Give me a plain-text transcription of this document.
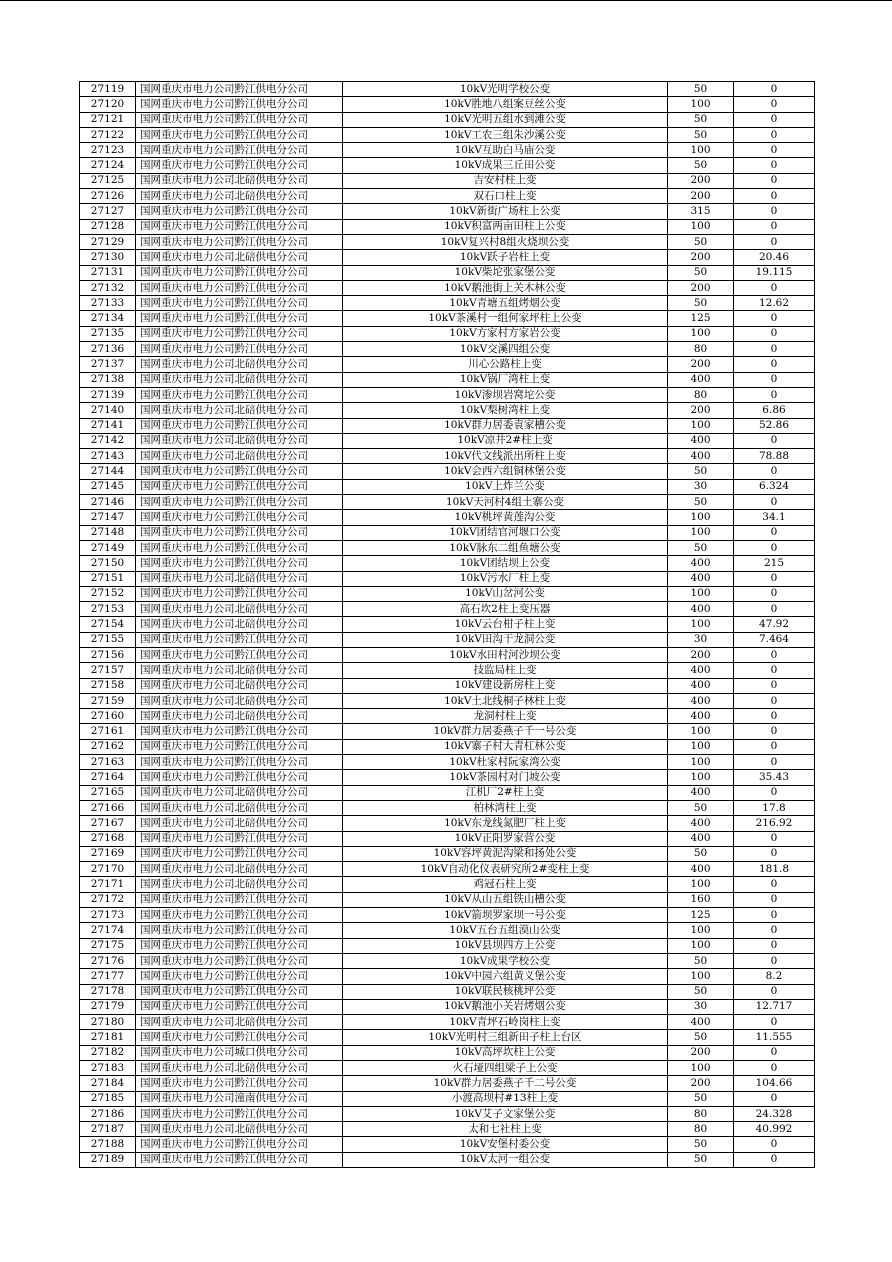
27119	国网重庆市电力公司黔江供电分公司	10kV光明学校公变	50	0
27120	国网重庆市电力公司黔江供电分公司	10kV胜地八组案豆丝公变	100	0
27121	国网重庆市电力公司黔江供电分公司	10kV光明五组水到滩公变	50	0
27122	国网重庆市电力公司黔江供电分公司	10kV工农三组朱沙溪公变	50	0
27123	国网重庆市电力公司黔江供电分公司	10kV互助白马庙公变	100	0
27124	国网重庆市电力公司黔江供电分公司	10kV成果三丘田公变	50	0
27125	国网重庆市电力公司北碚供电分公司	吉安村柱上变	200	0
27126	国网重庆市电力公司北碚供电分公司	双石口柱上变	200	0
27127	国网重庆市电力公司黔江供电分公司	10kV新街广场柱上公变	315	0
27128	国网重庆市电力公司黔江供电分公司	10kV积富两亩田柱上公变	100	0
27129	国网重庆市电力公司黔江供电分公司	10kV复兴村8组火烧坝公变	50	0
27130	国网重庆市电力公司北碚供电分公司	10kV跃子岩柱上变	200	20.46
27131	国网重庆市电力公司黔江供电分公司	10kV柴坨张家堡公变	50	19.115
27132	国网重庆市电力公司黔江供电分公司	10kV鹅池街上关木林公变	200	0
27133	国网重庆市电力公司黔江供电分公司	10kV青塘五组烤烟公变	50	12.62
27134	国网重庆市电力公司黔江供电分公司	10kV茶溪村一组何家坪柱上公变	125	0
27135	国网重庆市电力公司黔江供电分公司	10kV方家村方家岩公变	100	0
27136	国网重庆市电力公司黔江供电分公司	10kV交溪四组公变	80	0
27137	国网重庆市电力公司北碚供电分公司	川心公路柱上变	200	0
27138	国网重庆市电力公司北碚供电分公司	10kV锅厂湾柱上变	400	0
27139	国网重庆市电力公司黔江供电分公司	10kV渗坝岩窝坨公变	80	0
27140	国网重庆市电力公司北碚供电分公司	10kV梨树湾柱上变	200	6.86
27141	国网重庆市电力公司黔江供电分公司	10kV群力居委袁家槽公变	100	52.86
27142	国网重庆市电力公司北碚供电分公司	10kV凉井2#柱上变	400	0
27143	国网重庆市电力公司北碚供电分公司	10kV代文线派出所柱上变	400	78.88
27144	国网重庆市电力公司黔江供电分公司	10kV会西六组铜林堡公变	50	0
27145	国网重庆市电力公司黔江供电分公司	10kV上炸兰公变	30	6.324
27146	国网重庆市电力公司黔江供电分公司	10kV天河村4组土寨公变	50	0
27147	国网重庆市电力公司黔江供电分公司	10kV桃坪黄莲沟公变	100	34.1
27148	国网重庆市电力公司黔江供电分公司	10kV团结官河堰口公变	100	0
27149	国网重庆市电力公司黔江供电分公司	10kV脉东二组鱼塘公变	50	0
27150	国网重庆市电力公司黔江供电分公司	10kV团结坝上公变	400	215
27151	国网重庆市电力公司北碚供电分公司	10kV污水厂柱上变	400	0
27152	国网重庆市电力公司黔江供电分公司	10kV山岔河公变	100	0
27153	国网重庆市电力公司北碚供电分公司	高石坎2柱上变压器	400	0
27154	国网重庆市电力公司北碚供电分公司	10kV云台柑子柱上变	100	47.92
27155	国网重庆市电力公司黔江供电分公司	10kV田沟干龙洞公变	30	7.464
27156	国网重庆市电力公司黔江供电分公司	10kV水田村河沙坝公变	200	0
27157	国网重庆市电力公司北碚供电分公司	技监局柱上变	400	0
27158	国网重庆市电力公司北碚供电分公司	10kV建设新房柱上变	400	0
27159	国网重庆市电力公司北碚供电分公司	10kV土北线桐子林柱上变	400	0
27160	国网重庆市电力公司北碚供电分公司	龙洞村柱上变	400	0
27161	国网重庆市电力公司黔江供电分公司	10kV群力居委燕子千一号公变	100	0
27162	国网重庆市电力公司黔江供电分公司	10kV寨子村大青杠林公变	100	0
27163	国网重庆市电力公司黔江供电分公司	10kV杜家村阮家湾公变	100	0
27164	国网重庆市电力公司黔江供电分公司	10kV茶园村对门坡公变	100	35.43
27165	国网重庆市电力公司北碚供电分公司	江机厂2#柱上变	400	0
27166	国网重庆市电力公司北碚供电分公司	柏林湾柱上变	50	17.8
27167	国网重庆市电力公司北碚供电分公司	10kV东龙线氮肥厂柱上变	400	216.92
27168	国网重庆市电力公司黔江供电分公司	10kV正阳罗家营公变	400	0
27169	国网重庆市电力公司黔江供电分公司	10kV容坪黄泥沟梁和扬处公变	50	0
27170	国网重庆市电力公司北碚供电分公司	10kV自动化仪表研究所2#变柱上变	400	181.8
27171	国网重庆市电力公司北碚供电分公司	鸡冠石柱上变	100	0
27172	国网重庆市电力公司黔江供电分公司	10kV从山五组铁山槽公变	160	0
27173	国网重庆市电力公司黔江供电分公司	10kV箭坝罗家坝一号公变	125	0
27174	国网重庆市电力公司黔江供电分公司	10kV五台五组漠山公变	100	0
27175	国网重庆市电力公司黔江供电分公司	10kV县坝四方上公变	100	0
27176	国网重庆市电力公司黔江供电分公司	10kV成果学校公变	50	0
27177	国网重庆市电力公司黔江供电分公司	10kV中园六组黄义堡公变	100	8.2
27178	国网重庆市电力公司黔江供电分公司	10kV联民核桃坪公变	50	0
27179	国网重庆市电力公司黔江供电分公司	10kV鹅池小关岩烤烟公变	30	12.717
27180	国网重庆市电力公司北碚供电分公司	10kV青坪石岭岗柱上变	400	0
27181	国网重庆市电力公司黔江供电分公司	10kV光明村三组新田子柱上台区	50	11.555
27182	国网重庆市电力公司城口供电分公司	10kV高坪坎柱上公变	200	0
27183	国网重庆市电力公司北碚供电分公司	火石垭四组梁子上公变	100	0
27184	国网重庆市电力公司黔江供电分公司	10kV群力居委燕子千二号公变	200	104.66
27185	国网重庆市电力公司潼南供电分公司	小渡高坝村#13柱上变	50	0
27186	国网重庆市电力公司黔江供电分公司	10kV艾子文家堡公变	80	24.328
27187	国网重庆市电力公司北碚供电分公司	太和七社柱上变	80	40.992
27188	国网重庆市电力公司黔江供电分公司	10kV安堡村委公变	50	0
27189	国网重庆市电力公司黔江供电分公司	10kV太河一组公变	50	0
